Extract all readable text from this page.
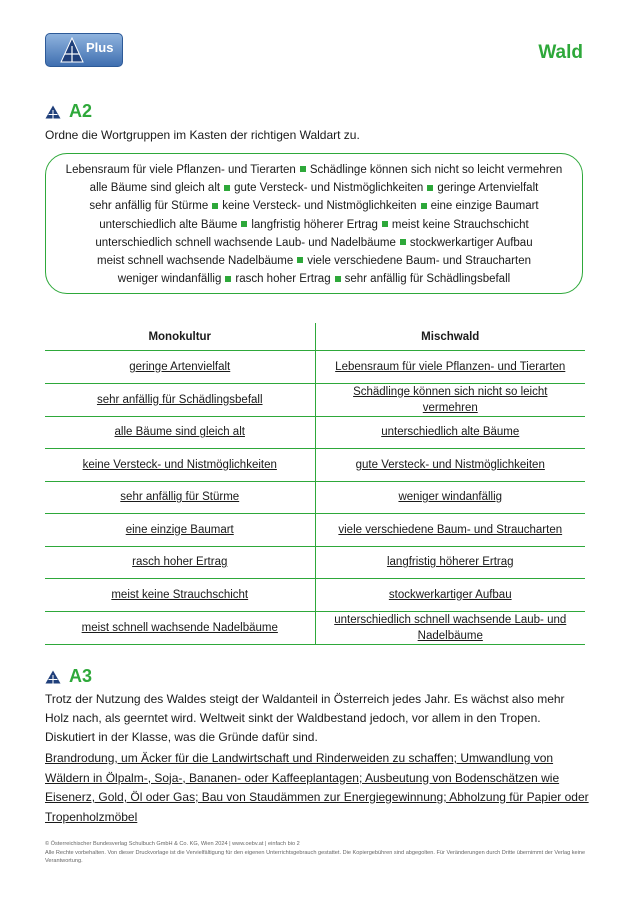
Plus	Wald
A2
Ordne die Wortgruppen im Kasten der richtigen Waldart zu.
Lebensraum für viele Pflanzen- und Tierarten Schädlinge können sich nicht so leicht vermehren
alle Bäume sind gleich alt gute Versteck- und Nistmöglichkeiten geringe Artenvielfalt
sehr anfällig für Stürme keine Versteck- und Nistmöglichkeiten eine einzige Baumart
unterschiedlich alte Bäume langfristig höherer Ertrag meist keine Strauchschicht
unterschiedlich schnell wachsende Laub- und Nadelbäume stockwerkartiger Aufbau
meist schnell wachsende Nadelbäume viele verschiedene Baum- und Straucharten
weniger windanfällig rasch hoher Ertrag sehr anfällig für Schädlingsbefall
Monokultur	Mischwald
geringe Artenvielfalt	Lebensraum für viele Pflanzen- und Tierarten
sehr anfällig für Schädlingsbefall	Schädlinge können sich nicht so leicht vermehren
alle Bäume sind gleich alt	unterschiedlich alte Bäume
keine Versteck- und Nistmöglichkeiten	gute Versteck- und Nistmöglichkeiten
sehr anfällig für Stürme	weniger windanfällig
eine einzige Baumart	viele verschiedene Baum- und Straucharten
rasch hoher Ertrag	langfristig höherer Ertrag
meist keine Strauchschicht	stockwerkartiger Aufbau
meist schnell wachsende Nadelbäume	unterschiedlich schnell wachsende Laub- und Nadelbäume
A3
Trotz der Nutzung des Waldes steigt der Waldanteil in Österreich jedes Jahr. Es wächst also mehr Holz nach, als geerntet wird. Weltweit sinkt der Waldbestand jedoch, vor allem in den Tropen. Diskutiert in der Klasse, was die Gründe dafür sind.
Brandrodung, um Äcker für die Landwirtschaft und Rinderweiden zu schaffen; Umwandlung von Wäldern in Ölpalm-, Soja-, Bananen- oder Kaffeeplantagen; Ausbeutung von Bodenschätzen wie Eisenerz, Gold, Öl oder Gas; Bau von Staudämmen zur Energiegewinnung; Abholzung für Papier oder Tropenholzmöbel
© Österreichischer Bundesverlag Schulbuch GmbH & Co. KG, Wien 2024 | www.oebv.at | einfach bio 2
Alle Rechte vorbehalten. Von dieser Druckvorlage ist die Vervielfältigung für den eigenen Unterrichtsgebrauch gestattet. Die Kopiergebühren sind abgegolten. Für Veränderungen durch Dritte übernimmt der Verlag keine Verantwortung.
